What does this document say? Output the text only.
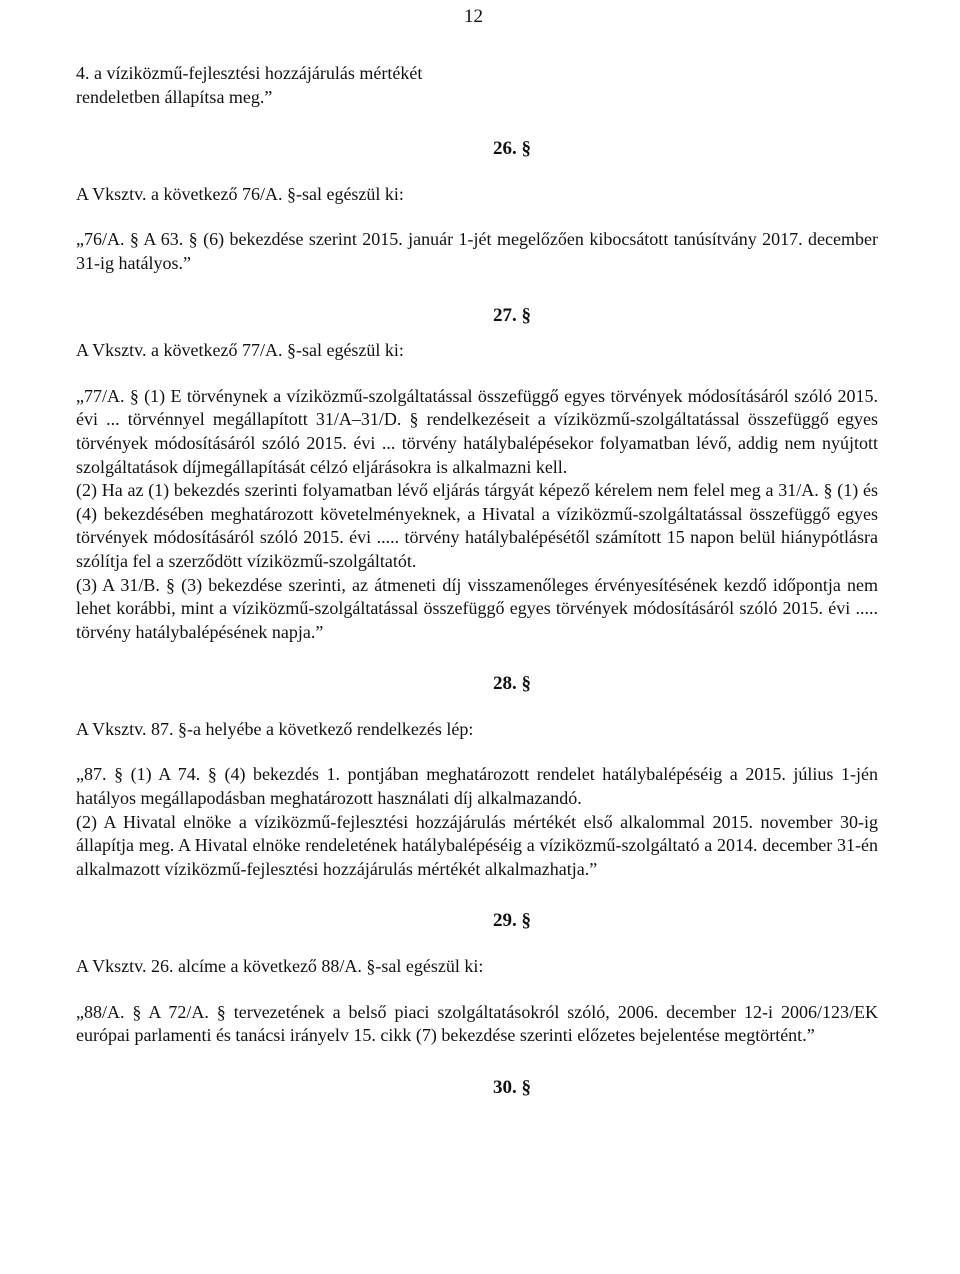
12

4. a víziközmű-fejlesztési hozzájárulás mértékét

rendeletben állapítsa meg.”

26. §

A Vksztv. a következő 76/A. §-sal egészül ki:

„76/A. § A 63. § (6) bekezdése szerint 2015. január 1-jét megelőzően kibocsátott tanúsítvány 2017. december 31-ig hatályos.”

27. §

A Vksztv. a következő 77/A. §-sal egészül ki:

„77/A. § (1) E törvénynek a víziközmű-szolgáltatással összefüggő egyes törvények módosításáról szóló 2015. évi ... törvénnyel megállapított 31/A–31/D. § rendelkezéseit a víziközmű-szolgáltatással összefüggő egyes törvények módosításáról szóló 2015. évi ... törvény hatálybalépésekor folyamatban lévő, addig nem nyújtott szolgáltatások díjmegállapítását célzó eljárásokra is alkalmazni kell.

(2) Ha az (1) bekezdés szerinti folyamatban lévő eljárás tárgyát képező kérelem nem felel meg a 31/A. § (1) és (4) bekezdésében meghatározott követelményeknek, a Hivatal a víziközmű-szolgáltatással összefüggő egyes törvények módosításáról szóló 2015. évi ..... törvény hatálybalépésétől számított 15 napon belül hiánypótlásra szólítja fel a szerződött víziközmű-szolgáltatót.

(3) A 31/B. § (3) bekezdése szerinti, az átmeneti díj visszamenőleges érvényesítésének kezdő időpontja nem lehet korábbi, mint a víziközmű-szolgáltatással összefüggő egyes törvények módosításáról szóló 2015. évi ..... törvény hatálybalépésének napja.”

28. §

A Vksztv. 87. §-a helyébe a következő rendelkezés lép:

„87. § (1) A 74. § (4) bekezdés 1. pontjában meghatározott rendelet hatálybalépéséig a 2015. július 1-jén hatályos megállapodásban meghatározott használati díj alkalmazandó.

(2) A Hivatal elnöke a víziközmű-fejlesztési hozzájárulás mértékét első alkalommal 2015. november 30-ig állapítja meg. A Hivatal elnöke rendeletének hatálybalépéséig a víziközmű-szolgáltató a 2014. december 31-én alkalmazott víziközmű-fejlesztési hozzájárulás mértékét alkalmazhatja.”

29. §

A Vksztv. 26. alcíme a következő 88/A. §-sal egészül ki:

„88/A. § A 72/A. § tervezetének a belső piaci szolgáltatásokról szóló, 2006. december 12-i 2006/123/EK európai parlamenti és tanácsi irányelv 15. cikk (7) bekezdése szerinti előzetes bejelentése megtörtént.”

30. §
